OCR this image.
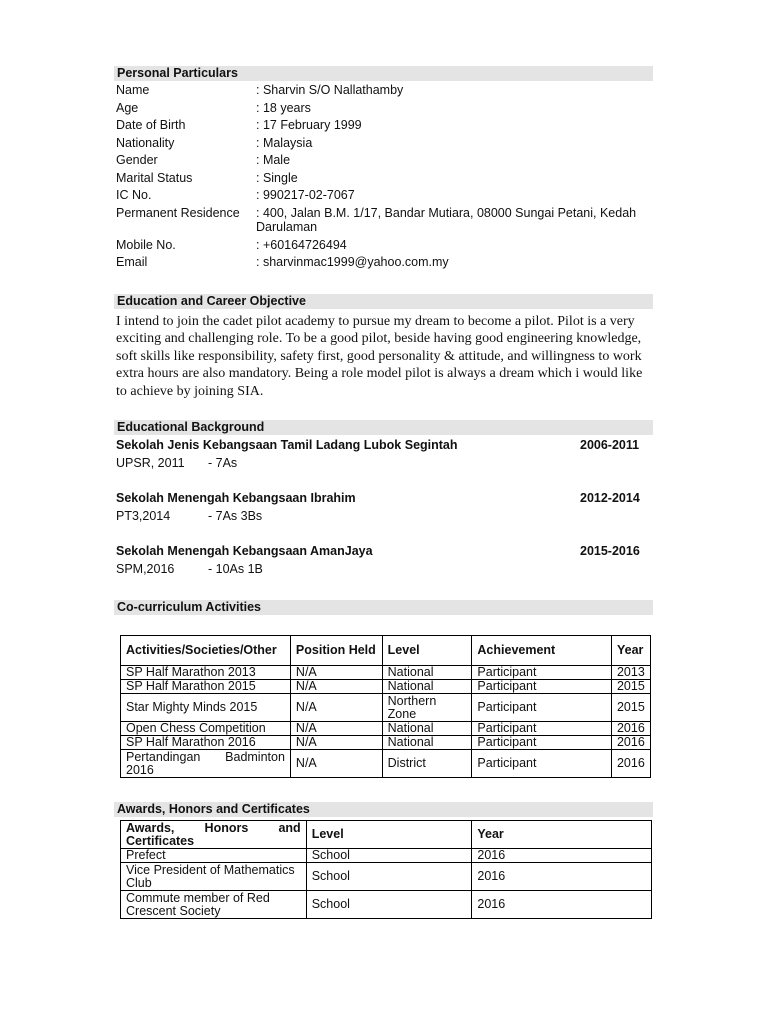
Personal Particulars
Name	: Sharvin S/O Nallathamby
Age	: 18 years
Date of Birth	: 17 February 1999
Nationality	: Malaysia
Gender	: Male
Marital Status	: Single
IC No.	: 990217-02-7067
Permanent Residence : 400, Jalan B.M. 1/17, Bandar Mutiara, 08000 Sungai Petani, Kedah Darulaman
Mobile No.	: +60164726494
Email	: sharvinmac1999@yahoo.com.my
Education and Career Objective
I intend to join the cadet pilot academy to pursue my dream to become a pilot. Pilot is a very exciting and challenging role. To be a good pilot, beside having good engineering knowledge, soft skills like responsibility, safety first, good personality & attitude, and willingness to work extra hours are also mandatory. Being a role model pilot is always a dream which i would like to achieve by joining SIA.
Educational Background
Sekolah Jenis Kebangsaan Tamil Ladang Lubok Segintah	2006-2011
UPSR, 2011 - 7As
Sekolah Menengah Kebangsaan Ibrahim	2012-2014
PT3,2014	- 7As 3Bs
Sekolah Menengah Kebangsaan AmanJaya	2015-2016
SPM,2016	- 10As 1B
Co-curriculum Activities
Activities/Societies/Other	Position Held	Level	Achievement	Year
SP Half Marathon 2013	N/A	National	Participant	2013
SP Half Marathon 2015	N/A	National	Participant	2015
Star Mighty Minds 2015	N/A	Northern Zone	Participant	2015
Open Chess Competition	N/A	National	Participant	2016
SP Half Marathon 2016	N/A	National	Participant	2016
Pertandingan Badminton 2016	N/A	District	Participant	2016
Awards, Honors and Certificates
Awards, Honors and Certificates	Level	Year
Prefect	School	2016
Vice President of Mathematics Club	School	2016
Commute member of Red Crescent Society	School	2016
